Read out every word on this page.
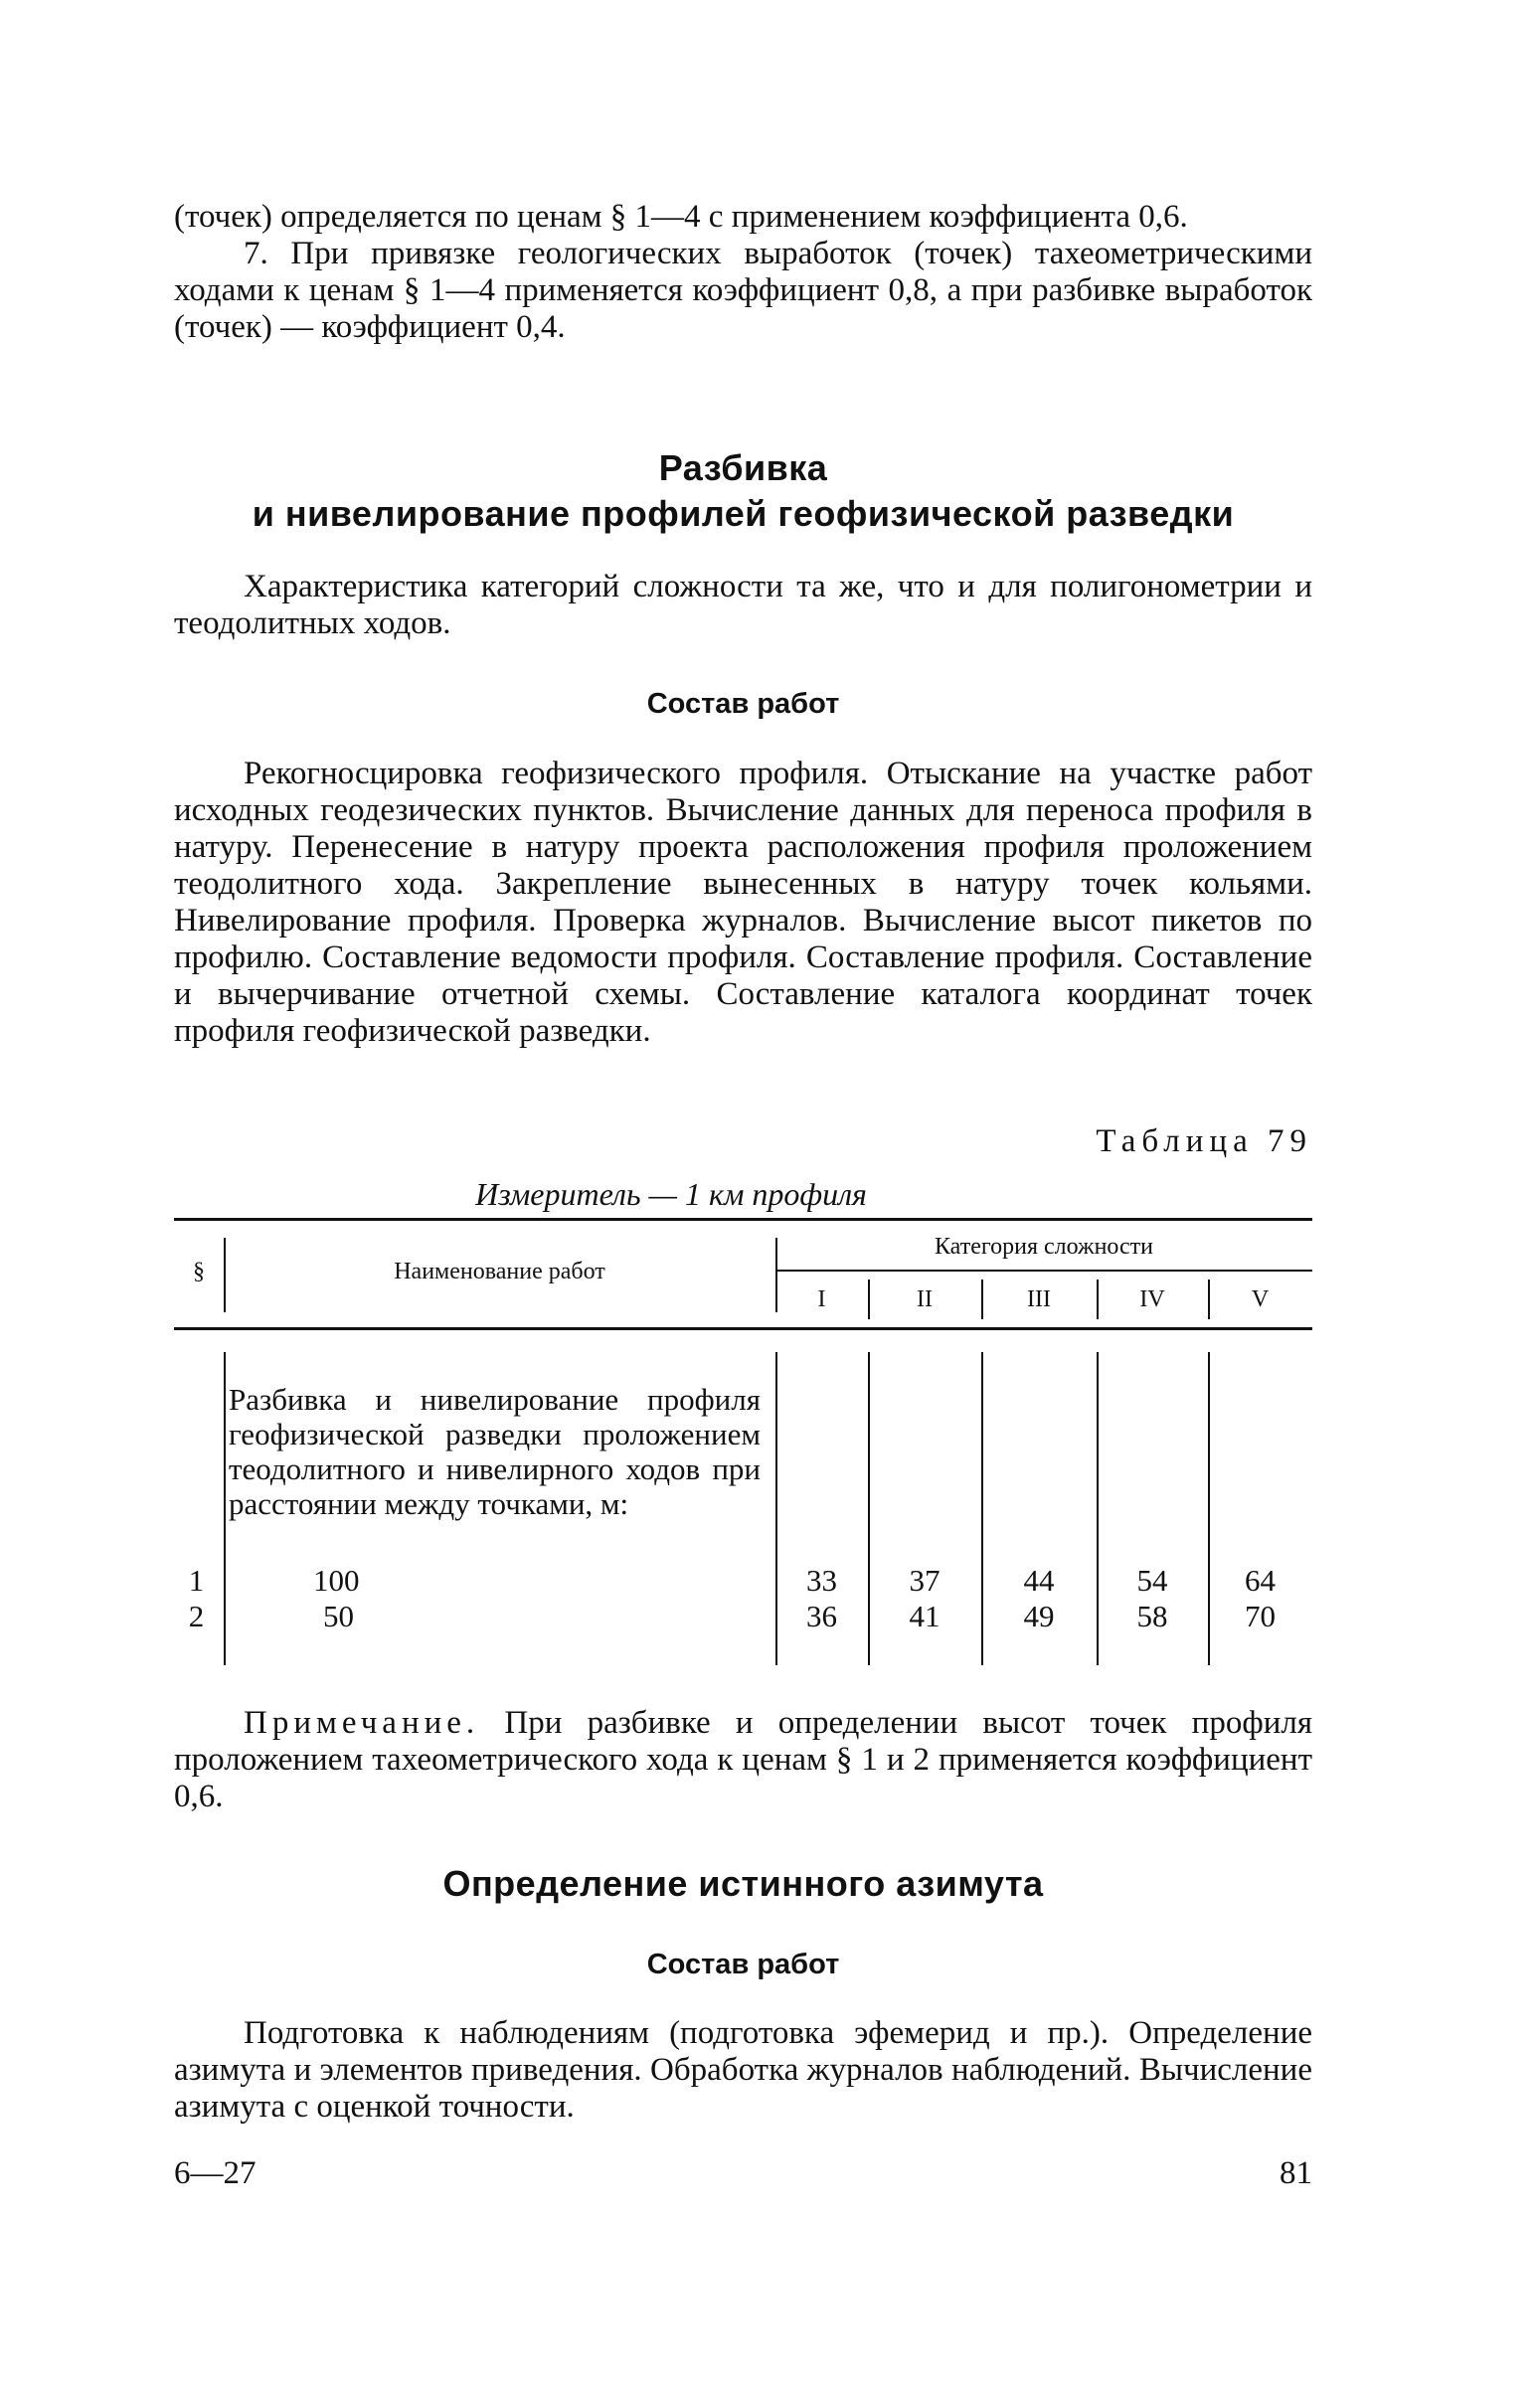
(точек) определяется по ценам § 1—4 с применением коэффициента 0,6.

7. При привязке геологических выработок (точек) тахеометрическими ходами к ценам § 1—4 применяется коэффициент 0,8, а при разбивке выработок (точек) — коэффициент 0,4.

Разбивка

и нивелирование профилей геофизической разведки

Характеристика категорий сложности та же, что и для полигонометрии и теодолитных ходов.

Состав работ

Рекогносцировка геофизического профиля. Отыскание на участке работ исходных геодезических пунктов. Вычисление данных для переноса профиля в натуру. Перенесение в натуру проекта расположения профиля проложением теодолитного хода. Закрепление вынесенных в натуру точек кольями. Нивелирование профиля. Проверка журналов. Вычисление высот пикетов по профилю. Составление ведомости профиля. Составление профиля. Составление и вычерчивание отчетной схемы. Составление каталога координат точек профиля геофизической разведки.

Таблица 79
Измеритель — 1 км профиля
§	Наименование работ
Категория сложности
I	II	III	IV	V
Разбивка и нивелирование профиля геофизической разведки проложением теодолитного и нивелирного ходов при расстоянии между точками, м:
1	100	33	37	44	54	64
2	50	36	41	49	58	70

Примечание. При разбивке и определении высот точек профиля проложением тахеометрического хода к ценам § 1 и 2 применяется коэффициент 0,6.

Определение истинного азимута

Состав работ

Подготовка к наблюдениям (подготовка эфемерид и пр.). Определение азимута и элементов приведения. Обработка журналов наблюдений. Вычисление азимута с оценкой точности.

6—27	81
